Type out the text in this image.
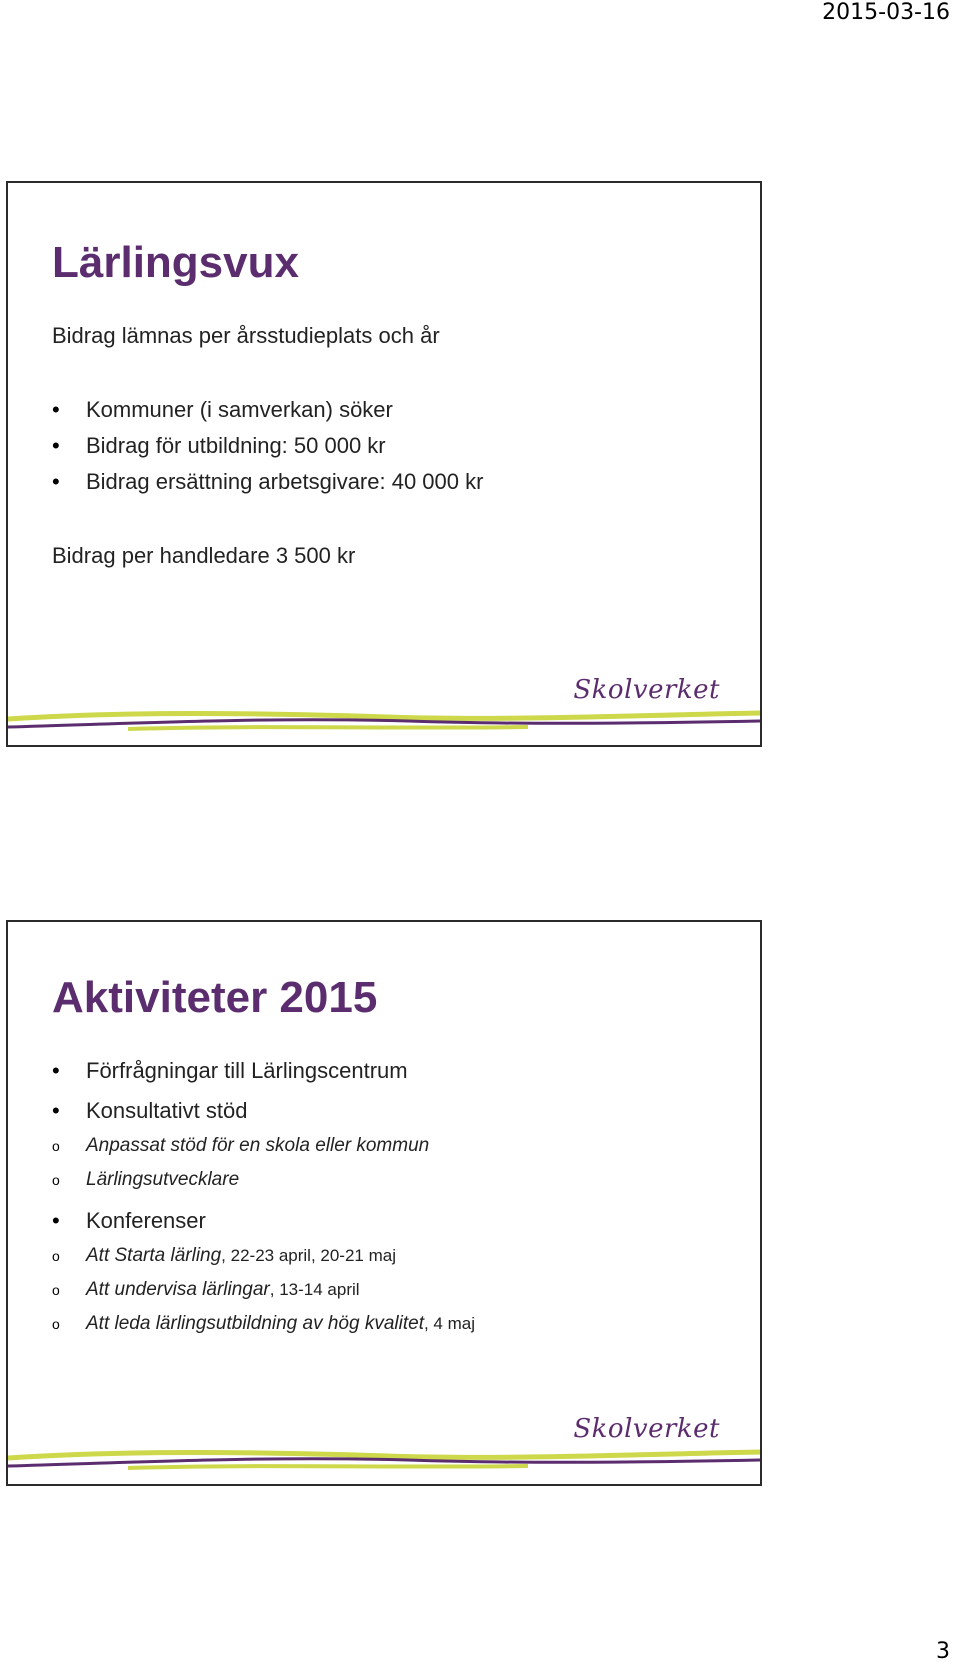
2015-03-16
Lärlingsvux
Bidrag lämnas per årsstudieplats och år
• Kommuner (i samverkan) söker
• Bidrag för utbildning: 50 000 kr
• Bidrag ersättning arbetsgivare: 40 000 kr
Bidrag per handledare 3 500 kr
Skolverket
Aktiviteter 2015
• Förfrågningar till Lärlingscentrum
• Konsultativt stöd
o Anpassat stöd för en skola eller kommun
o Lärlingsutvecklare
• Konferenser
o Att Starta lärling, 22-23 april, 20-21 maj
o Att undervisa lärlingar, 13-14 april
o Att leda lärlingsutbildning av hög kvalitet, 4 maj
Skolverket
3
